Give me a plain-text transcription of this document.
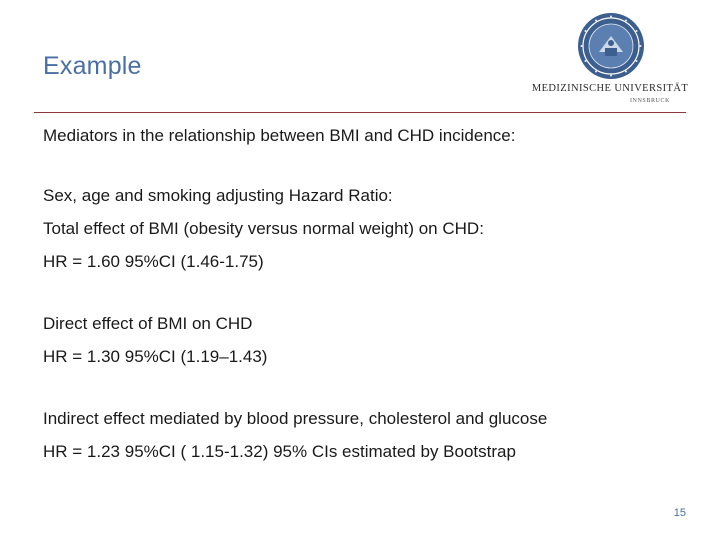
Example
MEDIZINISCHE UNIVERSITÄT
INNSBRUCK
Mediators in the relationship between BMI and CHD incidence:
Sex, age and smoking adjusting Hazard Ratio:
Total effect of BMI (obesity versus normal weight) on CHD:
HR = 1.60 95%CI (1.46-1.75)
Direct effect of BMI on CHD
HR = 1.30 95%CI (1.19–1.43)
Indirect effect mediated by blood pressure, cholesterol and glucose
HR = 1.23 95%CI ( 1.15-1.32) 95% CIs estimated by Bootstrap
15
